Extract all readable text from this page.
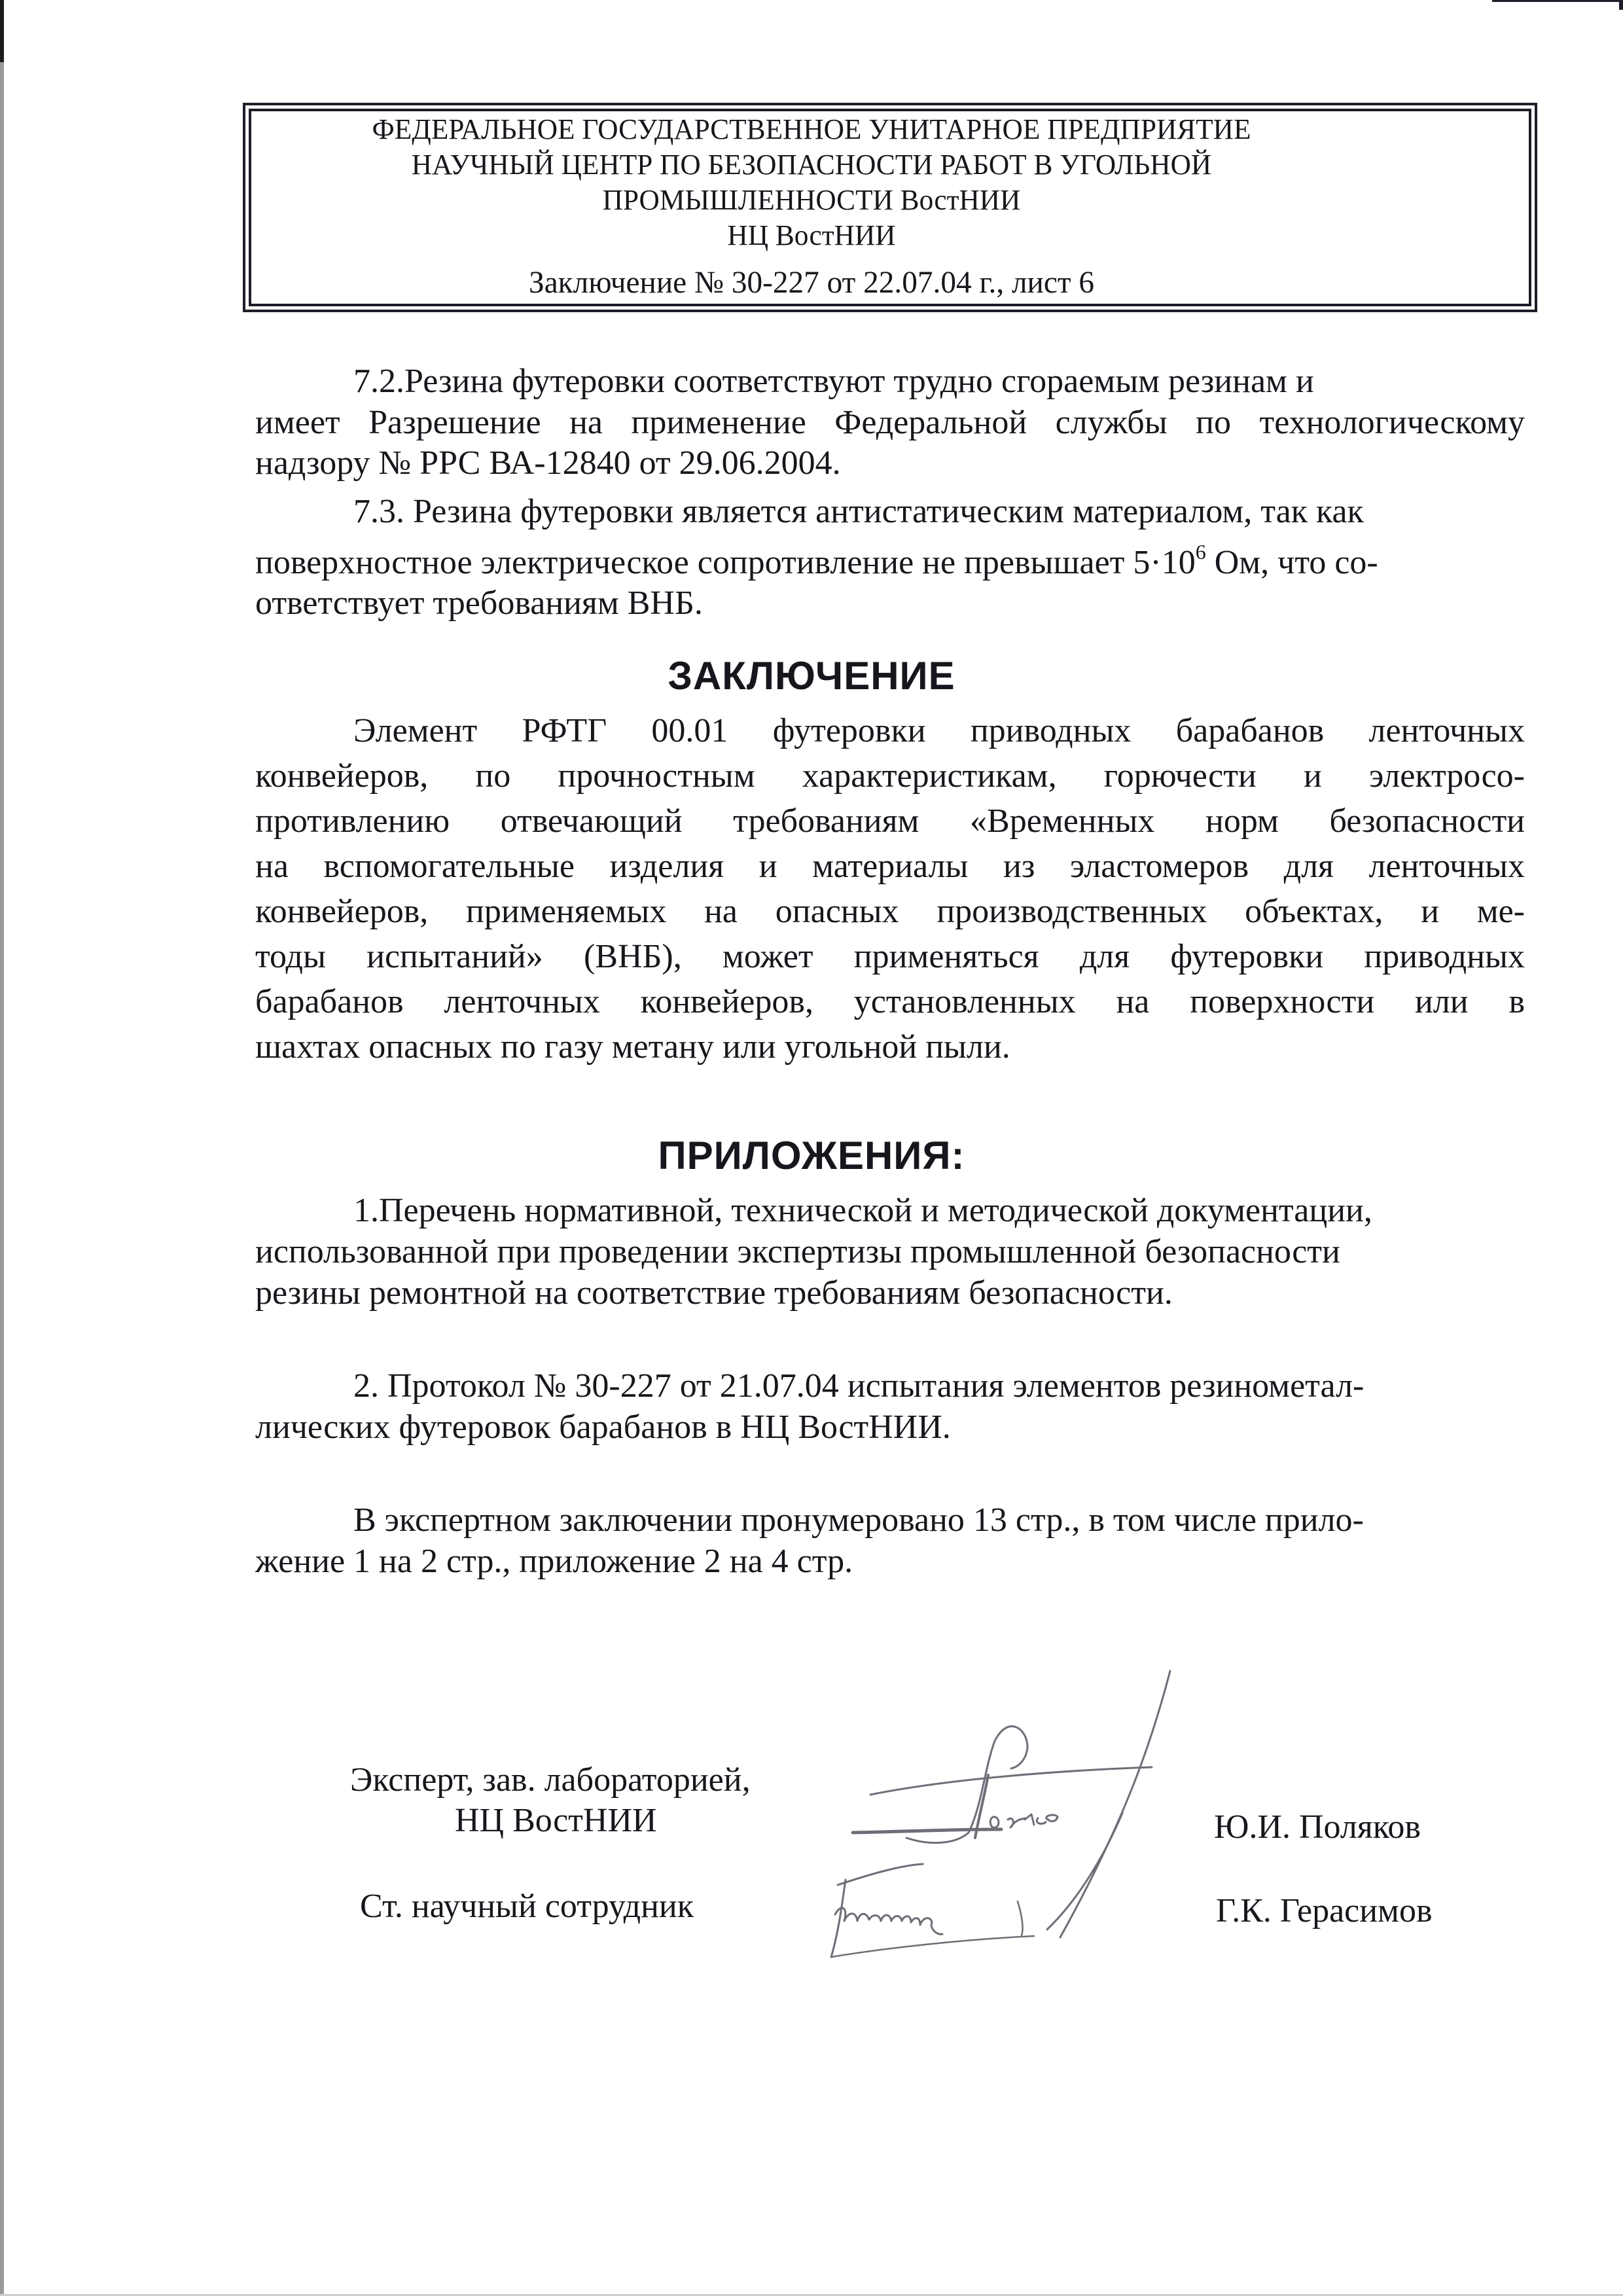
ФЕДЕРАЛЬНОЕ ГОСУДАРСТВЕННОЕ УНИТАРНОЕ ПРЕДПРИЯТИЕ
НАУЧНЫЙ ЦЕНТР ПО БЕЗОПАСНОСТИ РАБОТ В УГОЛЬНОЙ
ПРОМЫШЛЕННОСТИ ВостНИИ
НЦ ВостНИИ
Заключение № 30-227 от 22.07.04 г., лист 6
7.2.Резина футеровки соответствуют трудно сгораемым резинам и
имеет Разрешение на применение Федеральной службы по технологическому
надзору № РРС ВА-12840 от 29.06.2004.
7.3. Резина футеровки является антистатическим материалом, так как
поверхностное электрическое сопротивление не превышает $5\cdot 10^6$ Ом, что со-
ответствует требованиям ВНБ.
ЗАКЛЮЧЕНИЕ
Элемент РФТГ 00.01 футеровки приводных барабанов ленточных
конвейеров, по прочностным характеристикам, горючести и электросо-
противлению отвечающий требованиям «Временных норм безопасности
на вспомогательные изделия и материалы из эластомеров для ленточных
конвейеров, применяемых на опасных производственных объектах, и ме-
тоды испытаний» (ВНБ), может применяться для футеровки приводных
барабанов ленточных конвейеров, установленных на поверхности или в
шахтах опасных по газу метану или угольной пыли.
ПРИЛОЖЕНИЯ:
1.Перечень нормативной, технической и методической документации,
использованной при проведении экспертизы промышленной безопасности
резины ремонтной на соответствие требованиям безопасности.
2. Протокол № 30-227 от 21.07.04 испытания элементов резинометал-
лических футеровок барабанов в НЦ ВостНИИ.
В экспертном заключении пронумеровано 13 стр., в том числе прило-
жение 1 на 2 стр., приложение 2 на 4 стр.
Эксперт, зав. лабораторией,
НЦ ВостНИИ	Ю.И. Поляков
Ст. научный сотрудник	Г.К. Герасимов
